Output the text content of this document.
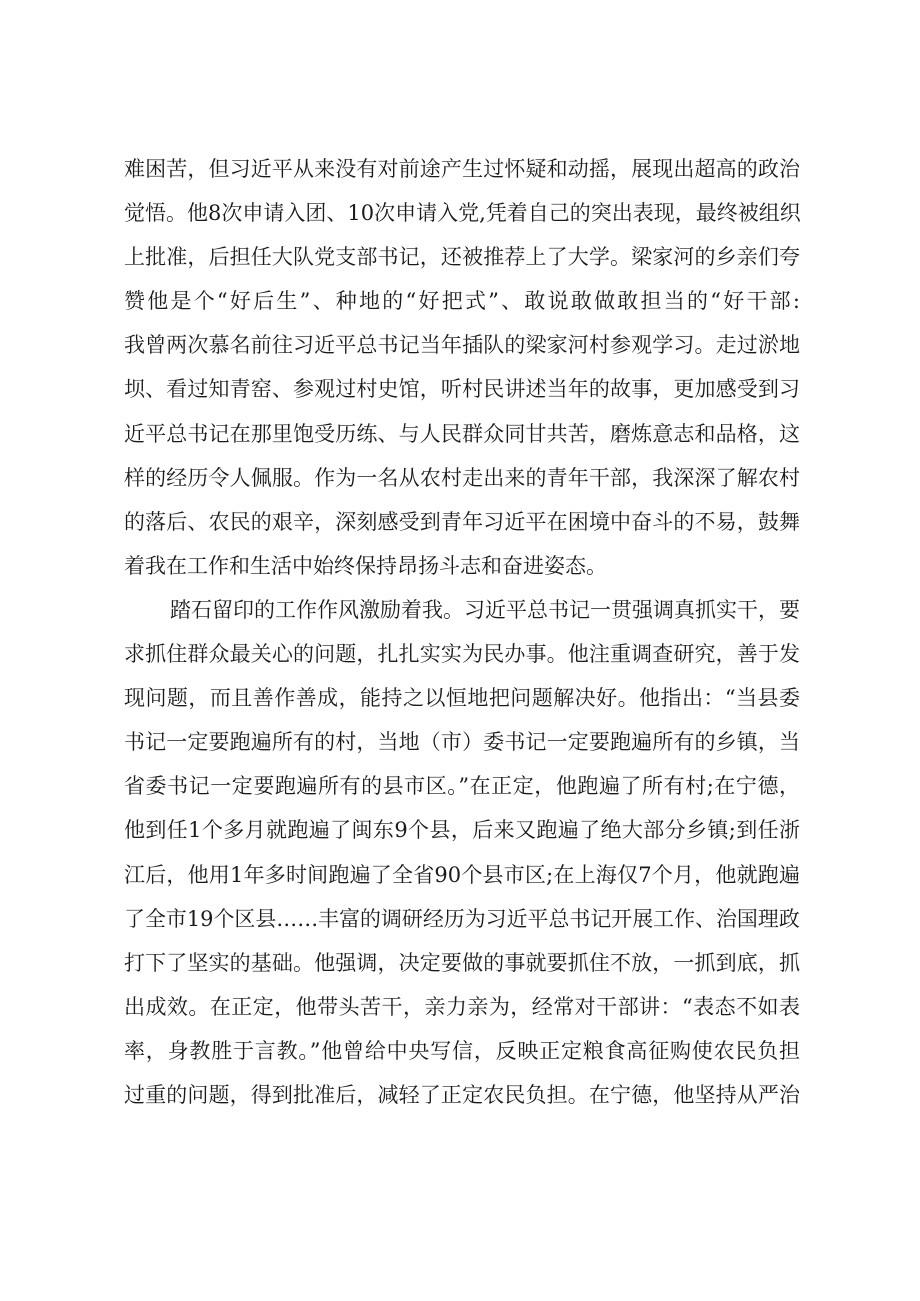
难困苦，但习近平从来没有对前途产生过怀疑和动摇，展现出超高的政治
觉悟。他8次申请入团、10次申请入党,凭着自己的突出表现，最终被组织
上批准，后担任大队党支部书记，还被推荐上了大学。梁家河的乡亲们夸
赞他是个“好后生”、种地的“好把式”、敢说敢做敢担当的“好干部:
我曾两次慕名前往习近平总书记当年插队的梁家河村参观学习。走过淤地
坝、看过知青窑、参观过村史馆，听村民讲述当年的故事，更加感受到习
近平总书记在那里饱受历练、与人民群众同甘共苦，磨炼意志和品格，这
样的经历令人佩服。作为一名从农村走出来的青年干部，我深深了解农村
的落后、农民的艰辛，深刻感受到青年习近平在困境中奋斗的不易，鼓舞
着我在工作和生活中始终保持昂扬斗志和奋进姿态。
踏石留印的工作作风激励着我。习近平总书记一贯强调真抓实干，要
求抓住群众最关心的问题，扎扎实实为民办事。他注重调查研究，善于发
现问题，而且善作善成，能持之以恒地把问题解决好。他指出：“当县委
书记一定要跑遍所有的村，当地（市）委书记一定要跑遍所有的乡镇，当
省委书记一定要跑遍所有的县市区。”在正定，他跑遍了所有村;在宁德，
他到任1个多月就跑遍了闽东9个县，后来又跑遍了绝大部分乡镇;到任浙
江后，他用1年多时间跑遍了全省90个县市区;在上海仅7个月，他就跑遍
了全市19个区县……丰富的调研经历为习近平总书记开展工作、治国理政
打下了坚实的基础。他强调，决定要做的事就要抓住不放，一抓到底，抓
出成效。在正定，他带头苦干，亲力亲为，经常对干部讲：“表态不如表
率，身教胜于言教。”他曾给中央写信，反映正定粮食高征购使农民负担
过重的问题，得到批准后，减轻了正定农民负担。在宁德，他坚持从严治
